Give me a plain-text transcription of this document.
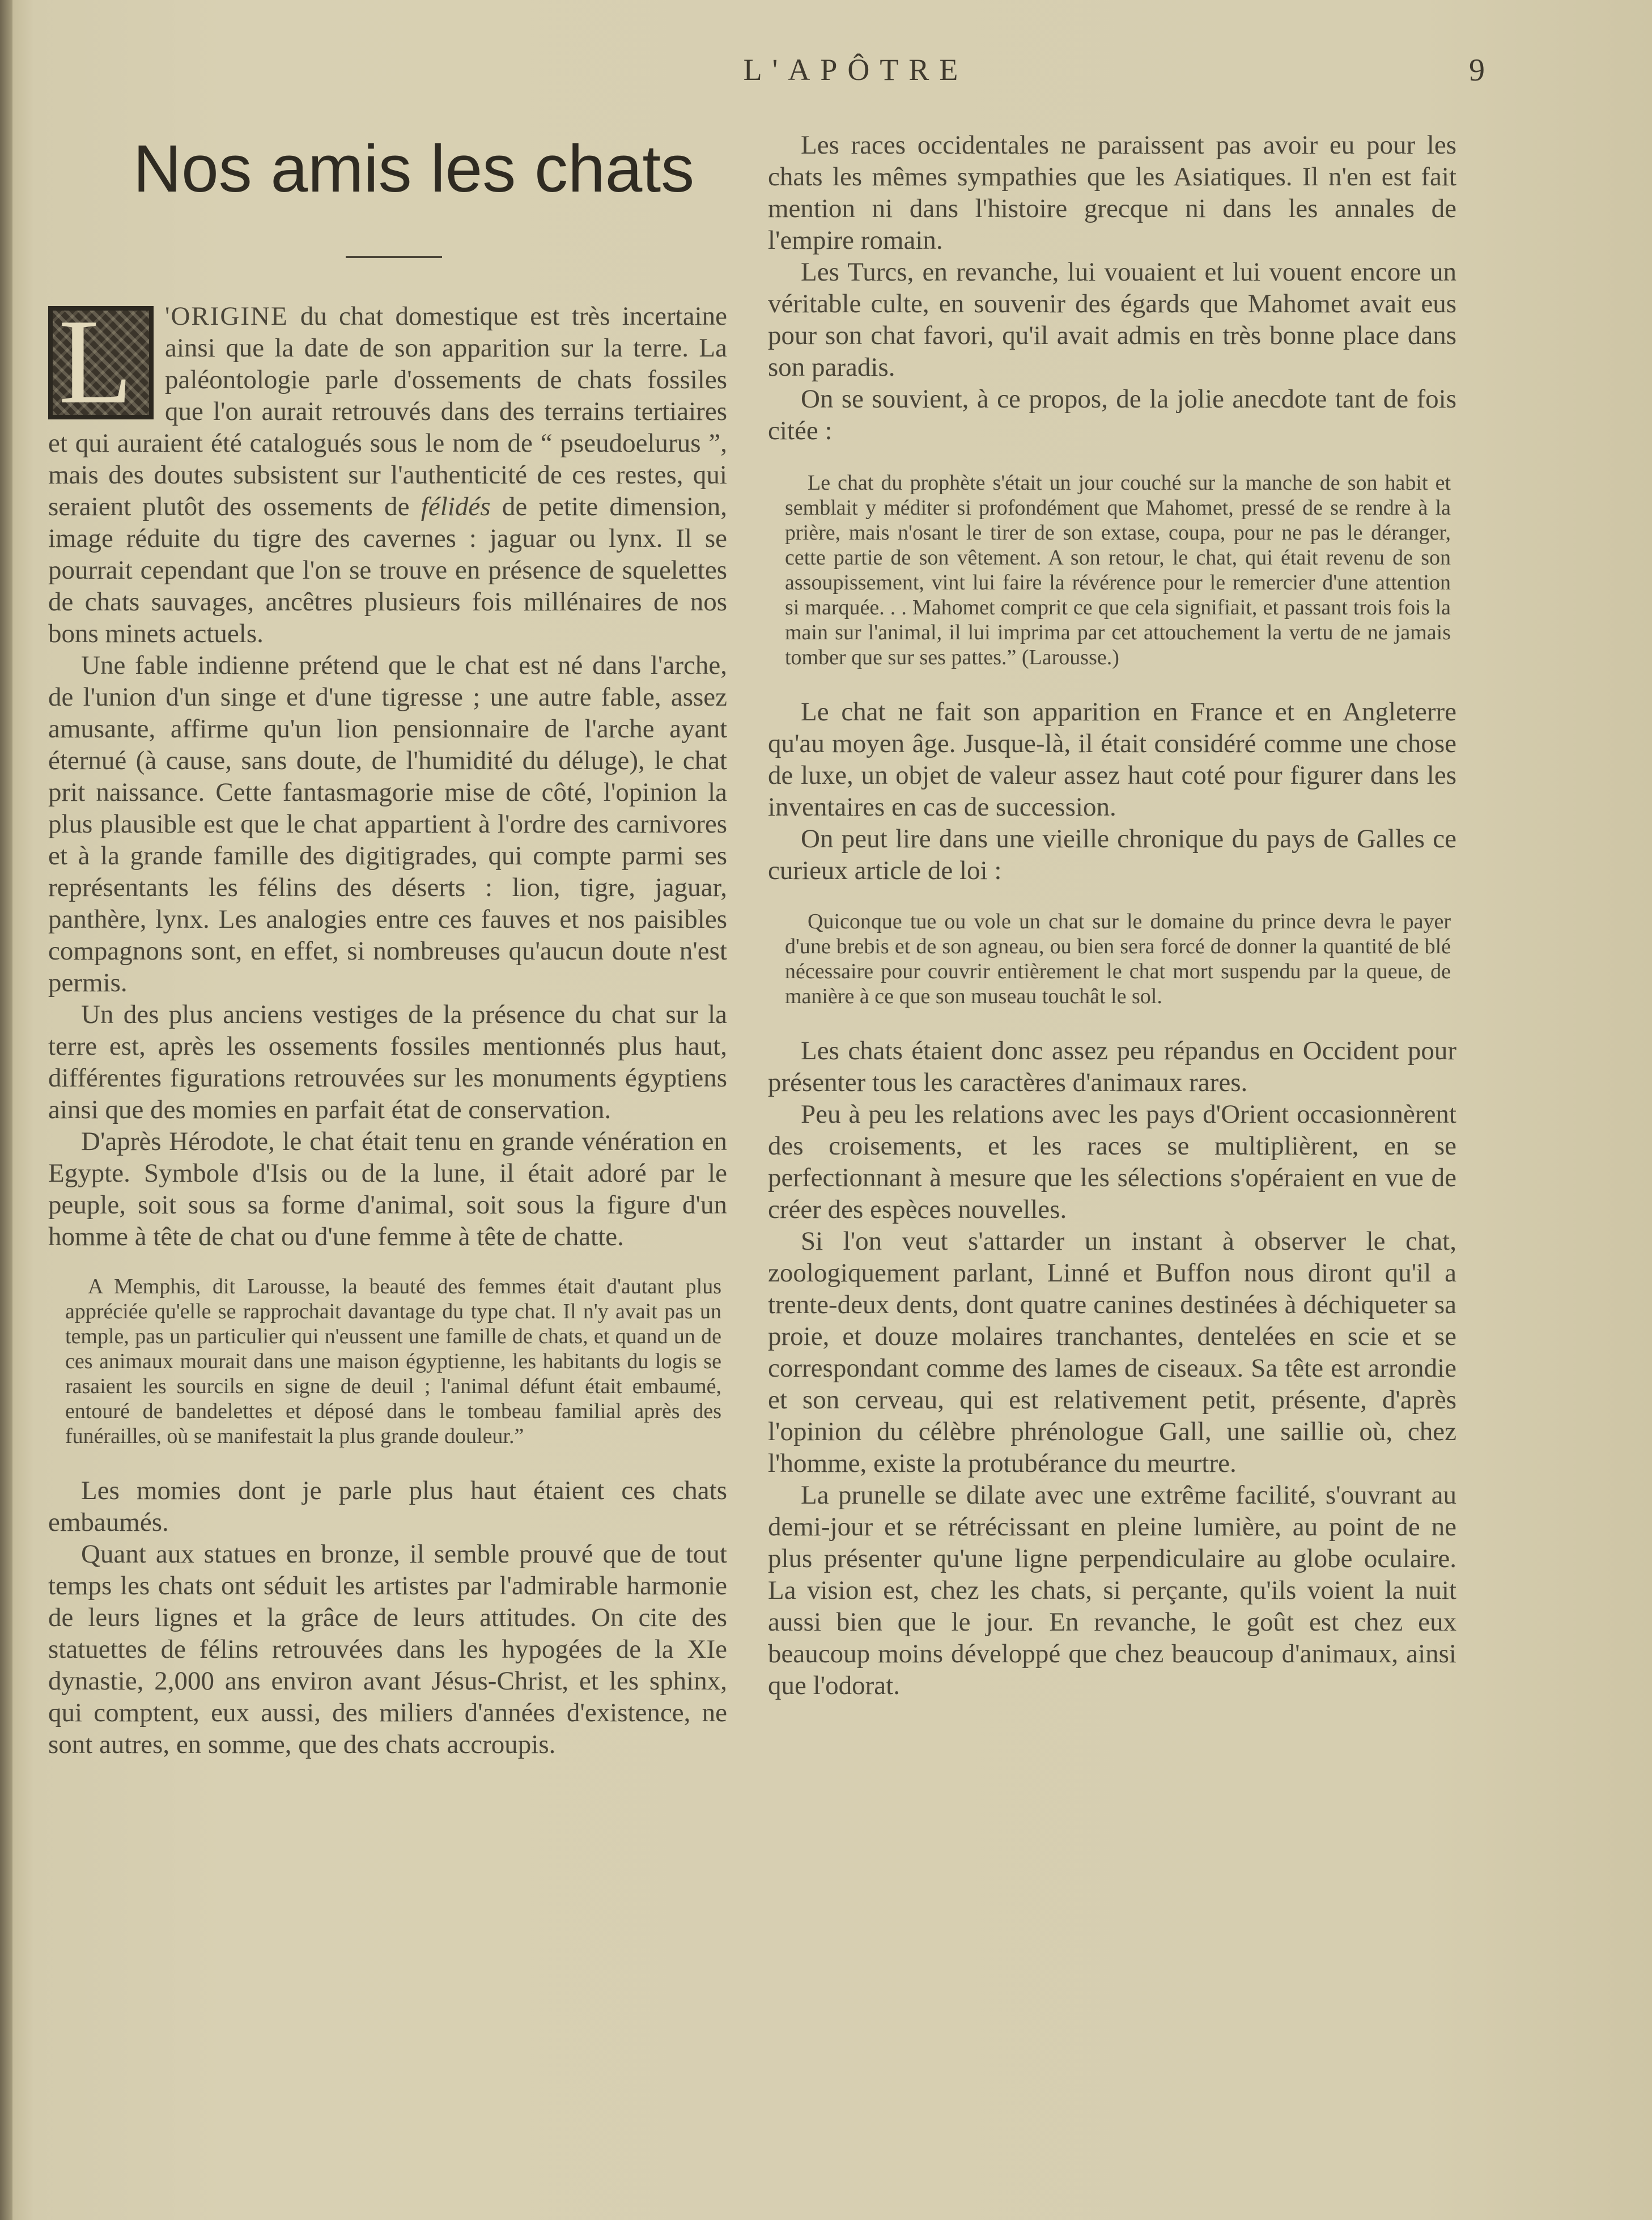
L'APÔTRE	9
Nos amis les chats

L 'ORIGINE du chat domestique est très incertaine ainsi que la date de son apparition sur la terre. La paléontologie parle d'ossements de chats fossiles que l'on aurait retrouvés dans des terrains tertiaires et qui auraient été catalogués sous le nom de “ pseudoelurus ”, mais des doutes subsistent sur l'authenticité de ces restes, qui seraient plutôt des ossements de félidés de petite dimension, image réduite du tigre des cavernes : jaguar ou lynx. Il se pourrait cependant que l'on se trouve en présence de squelettes de chats sauvages, ancêtres plusieurs fois millénaires de nos bons minets actuels.

Une fable indienne prétend que le chat est né dans l'arche, de l'union d'un singe et d'une tigresse ; une autre fable, assez amusante, affirme qu'un lion pensionnaire de l'arche ayant éternué (à cause, sans doute, de l'humidité du déluge), le chat prit naissance. Cette fantasmagorie mise de côté, l'opinion la plus plausible est que le chat appartient à l'ordre des carnivores et à la grande famille des digitigrades, qui compte parmi ses représentants les félins des déserts : lion, tigre, jaguar, panthère, lynx. Les analogies entre ces fauves et nos paisibles compagnons sont, en effet, si nombreuses qu'aucun doute n'est permis.

Un des plus anciens vestiges de la présence du chat sur la terre est, après les ossements fossiles mentionnés plus haut, différentes figurations retrouvées sur les monuments égyptiens ainsi que des momies en parfait état de conservation.

D'après Hérodote, le chat était tenu en grande vénération en Egypte. Symbole d'Isis ou de la lune, il était adoré par le peuple, soit sous sa forme d'animal, soit sous la figure d'un homme à tête de chat ou d'une femme à tête de chatte.

A Memphis, dit Larousse, la beauté des femmes était d'autant plus appréciée qu'elle se rapprochait davantage du type chat. Il n'y avait pas un temple, pas un particulier qui n'eussent une famille de chats, et quand un de ces animaux mourait dans une maison égyptienne, les habitants du logis se rasaient les sourcils en signe de deuil ; l'animal défunt était embaumé, entouré de bandelettes et déposé dans le tombeau familial après des funérailles, où se manifestait la plus grande douleur.”

Les momies dont je parle plus haut étaient ces chats embaumés.

Quant aux statues en bronze, il semble prouvé que de tout temps les chats ont séduit les artistes par l'admirable harmonie de leurs lignes et la grâce de leurs attitudes. On cite des statuettes de félins retrouvées dans les hypogées de la XIe dynastie, 2,000 ans environ avant Jésus-Christ, et les sphinx, qui comptent, eux aussi, des miliers d'années d'existence, ne sont autres, en somme, que des chats accroupis.

Les races occidentales ne paraissent pas avoir eu pour les chats les mêmes sympathies que les Asiatiques. Il n'en est fait mention ni dans l'histoire grecque ni dans les annales de l'empire romain.

Les Turcs, en revanche, lui vouaient et lui vouent encore un véritable culte, en souvenir des égards que Mahomet avait eus pour son chat favori, qu'il avait admis en très bonne place dans son paradis.

On se souvient, à ce propos, de la jolie anecdote tant de fois citée :

Le chat du prophète s'était un jour couché sur la manche de son habit et semblait y méditer si profondément que Mahomet, pressé de se rendre à la prière, mais n'osant le tirer de son extase, coupa, pour ne pas le déranger, cette partie de son vêtement. A son retour, le chat, qui était revenu de son assoupissement, vint lui faire la révérence pour le remercier d'une attention si marquée. . . Mahomet comprit ce que cela signifiait, et passant trois fois la main sur l'animal, il lui imprima par cet attouchement la vertu de ne jamais tomber que sur ses pattes.” (Larousse.)

Le chat ne fait son apparition en France et en Angleterre qu'au moyen âge. Jusque-là, il était considéré comme une chose de luxe, un objet de valeur assez haut coté pour figurer dans les inventaires en cas de succession.

On peut lire dans une vieille chronique du pays de Galles ce curieux article de loi :

Quiconque tue ou vole un chat sur le domaine du prince devra le payer d'une brebis et de son agneau, ou bien sera forcé de donner la quantité de blé nécessaire pour couvrir entièrement le chat mort suspendu par la queue, de manière à ce que son museau touchât le sol.

Les chats étaient donc assez peu répandus en Occident pour présenter tous les caractères d'animaux rares.

Peu à peu les relations avec les pays d'Orient occasionnèrent des croisements, et les races se multiplièrent, en se perfectionnant à mesure que les sélections s'opéraient en vue de créer des espèces nouvelles.

Si l'on veut s'attarder un instant à observer le chat, zoologiquement parlant, Linné et Buffon nous diront qu'il a trente-deux dents, dont quatre canines destinées à déchiqueter sa proie, et douze molaires tranchantes, dentelées en scie et se correspondant comme des lames de ciseaux. Sa tête est arrondie et son cerveau, qui est relativement petit, présente, d'après l'opinion du célèbre phrénologue Gall, une saillie où, chez l'homme, existe la protubérance du meurtre.

La prunelle se dilate avec une extrême facilité, s'ouvrant au demi-jour et se rétrécissant en pleine lumière, au point de ne plus présenter qu'une ligne perpendiculaire au globe oculaire. La vision est, chez les chats, si perçante, qu'ils voient la nuit aussi bien que le jour. En revanche, le goût est chez eux beaucoup moins développé que chez beaucoup d'animaux, ainsi que l'odorat.
